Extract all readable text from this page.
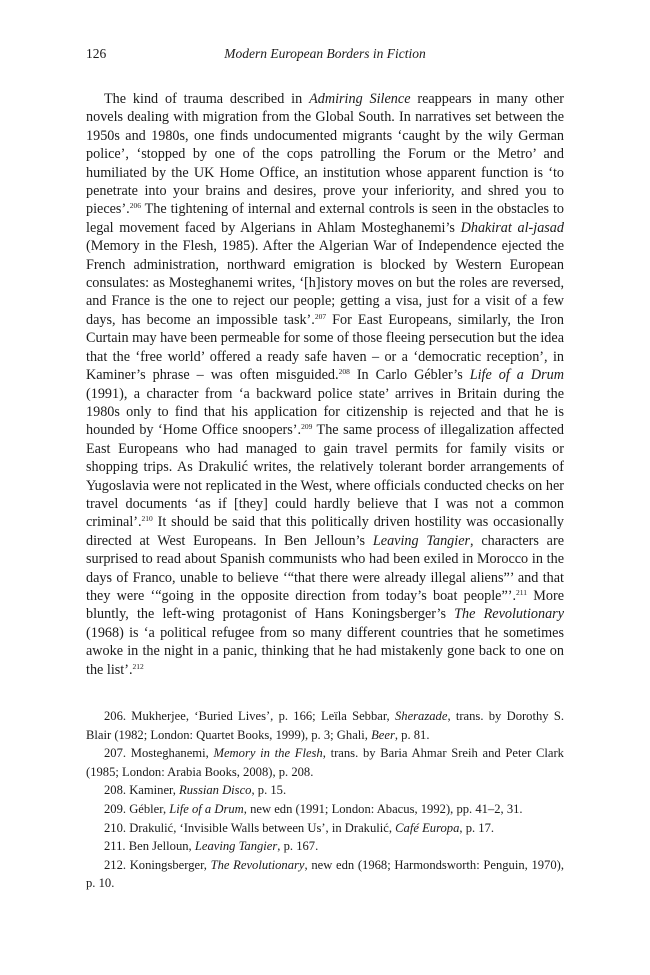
126	Modern European Borders in Fiction

The kind of trauma described in Admiring Silence reappears in many other novels dealing with migration from the Global South. In narratives set between the 1950s and 1980s, one finds undocumented migrants ‘caught by the wily German police’, ‘stopped by one of the cops patrolling the Forum or the Metro’ and humiliated by the UK Home Office, an institution whose apparent function is ‘to penetrate into your brains and desires, prove your inferiority, and shred you to pieces’.$^{206}$ The tightening of internal and external controls is seen in the obstacles to legal movement faced by Algerians in Ahlam Mosteghanemi’s Dhakirat al-jasad (Memory in the Flesh, 1985). After the Algerian War of Independence ejected the French administration, northward emigration is blocked by Western European consulates: as Mosteghanemi writes, ‘[h]istory moves on but the roles are reversed, and France is the one to reject our people; getting a visa, just for a visit of a few days, has become an impossible task’.$^{207}$ For East Europeans, similarly, the Iron Curtain may have been permeable for some of those fleeing persecution but the idea that the ‘free world’ offered a ready safe haven – or a ‘democratic reception’, in Kaminer’s phrase – was often misguided.$^{208}$ In Carlo Gébler’s Life of a Drum (1991), a character from ‘a backward police state’ arrives in Britain during the 1980s only to find that his application for citizenship is rejected and that he is hounded by ‘Home Office snoopers’.$^{209}$ The same process of illegalization affected East Europeans who had managed to gain travel permits for family visits or shopping trips. As Drakulić writes, the relatively tolerant border arrangements of Yugoslavia were not replicated in the West, where officials conducted checks on her travel documents ‘as if [they] could hardly believe that I was not a common criminal’.$^{210}$ It should be said that this politically driven hostility was occasionally directed at West Europeans. In Ben Jelloun’s Leaving Tangier, characters are surprised to read about Spanish communists who had been exiled in Morocco in the days of Franco, unable to believe ‘“that there were already illegal aliens”’ and that they were ‘“going in the opposite direction from today’s boat people”’.$^{211}$ More bluntly, the left-wing protagonist of Hans Koningsberger’s The Revolutionary (1968) is ‘a political refugee from so many different countries that he sometimes awoke in the night in a panic, thinking that he had mistakenly gone back to one on the list’.$^{212}$

206. Mukherjee, ‘Buried Lives’, p. 166; Leïla Sebbar, Sherazade, trans. by Dorothy S. Blair (1982; London: Quartet Books, 1999), p. 3; Ghali, Beer, p. 81.

207. Mosteghanemi, Memory in the Flesh, trans. by Baria Ahmar Sreih and Peter Clark (1985; London: Arabia Books, 2008), p. 208.

208. Kaminer, Russian Disco, p. 15.

209. Gébler, Life of a Drum, new edn (1991; London: Abacus, 1992), pp. 41–2, 31.

210. Drakulić, ‘Invisible Walls between Us’, in Drakulić, Café Europa, p. 17.

211. Ben Jelloun, Leaving Tangier, p. 167.

212. Koningsberger, The Revolutionary, new edn (1968; Harmondsworth: Penguin, 1970), p. 10.
